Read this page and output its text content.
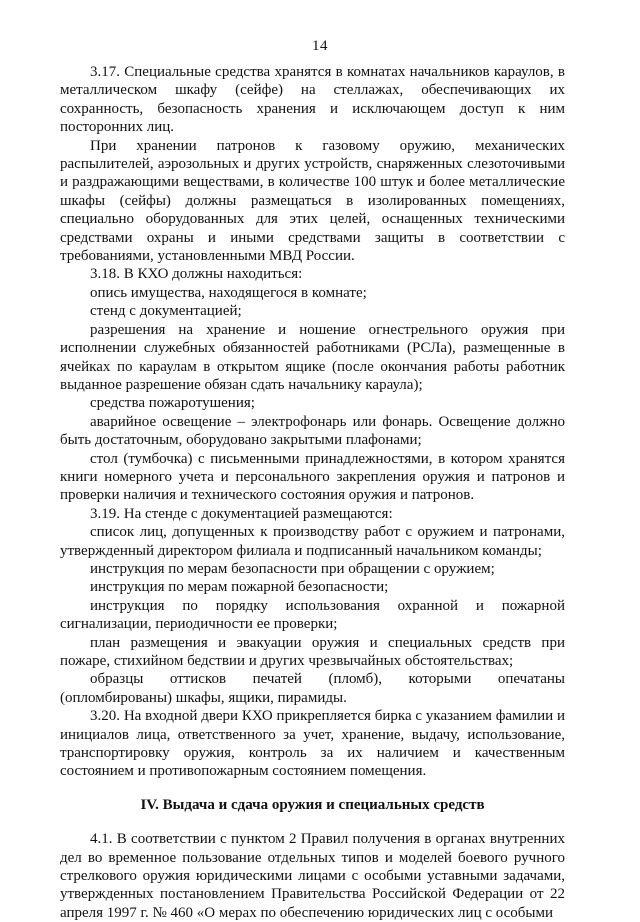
14

3.17. Специальные средства хранятся в комнатах начальников караулов, в металлическом шкафу (сейфе) на стеллажах, обеспечивающих их сохранность, безопасность хранения и исключающем доступ к ним посторонних лиц.

При хранении патронов к газовому оружию, механических распылителей, аэрозольных и других устройств, снаряженных слезоточивыми и раздражающими веществами, в количестве 100 штук и более металлические шкафы (сейфы) должны размещаться в изолированных помещениях, специально оборудованных для этих целей, оснащенных техническими средствами охраны и иными средствами защиты в соответствии с требованиями, установленными МВД России.

3.18. В КХО должны находиться:

опись имущества, находящегося в комнате;

стенд с документацией;

разрешения на хранение и ношение огнестрельного оружия при исполнении служебных обязанностей работниками (РСЛа), размещенные в ячейках по караулам в открытом ящике (после окончания работы работник выданное разрешение обязан сдать начальнику караула);

средства пожаротушения;

аварийное освещение – электрофонарь или фонарь. Освещение должно быть достаточным, оборудовано закрытыми плафонами;

стол (тумбочка) с письменными принадлежностями, в котором хранятся книги номерного учета и персонального закрепления оружия и патронов и проверки наличия и технического состояния оружия и патронов.

3.19. На стенде с документацией размещаются:

список лиц, допущенных к производству работ с оружием и патронами, утвержденный директором филиала и подписанный начальником команды;

инструкция по мерам безопасности при обращении с оружием;

инструкция по мерам пожарной безопасности;

инструкция по порядку использования охранной и пожарной сигнализации, периодичности ее проверки;

план размещения и эвакуации оружия и специальных средств при пожаре, стихийном бедствии и других чрезвычайных обстоятельствах;

образцы оттисков печатей (пломб), которыми опечатаны (опломбированы) шкафы, ящики, пирамиды.

3.20. На входной двери КХО прикрепляется бирка с указанием фамилии и инициалов лица, ответственного за учет, хранение, выдачу, использование, транспортировку оружия, контроль за их наличием и качественным состоянием и противопожарным состоянием помещения.

IV. Выдача и сдача оружия и специальных средств

4.1. В соответствии с пунктом 2 Правил получения в органах внутренних дел во временное пользование отдельных типов и моделей боевого ручного стрелкового оружия юридическими лицами с особыми уставными задачами, утвержденных постановлением Правительства Российской Федерации от 22 апреля 1997 г. № 460 «О мерах по обеспечению юридических лиц с особыми
